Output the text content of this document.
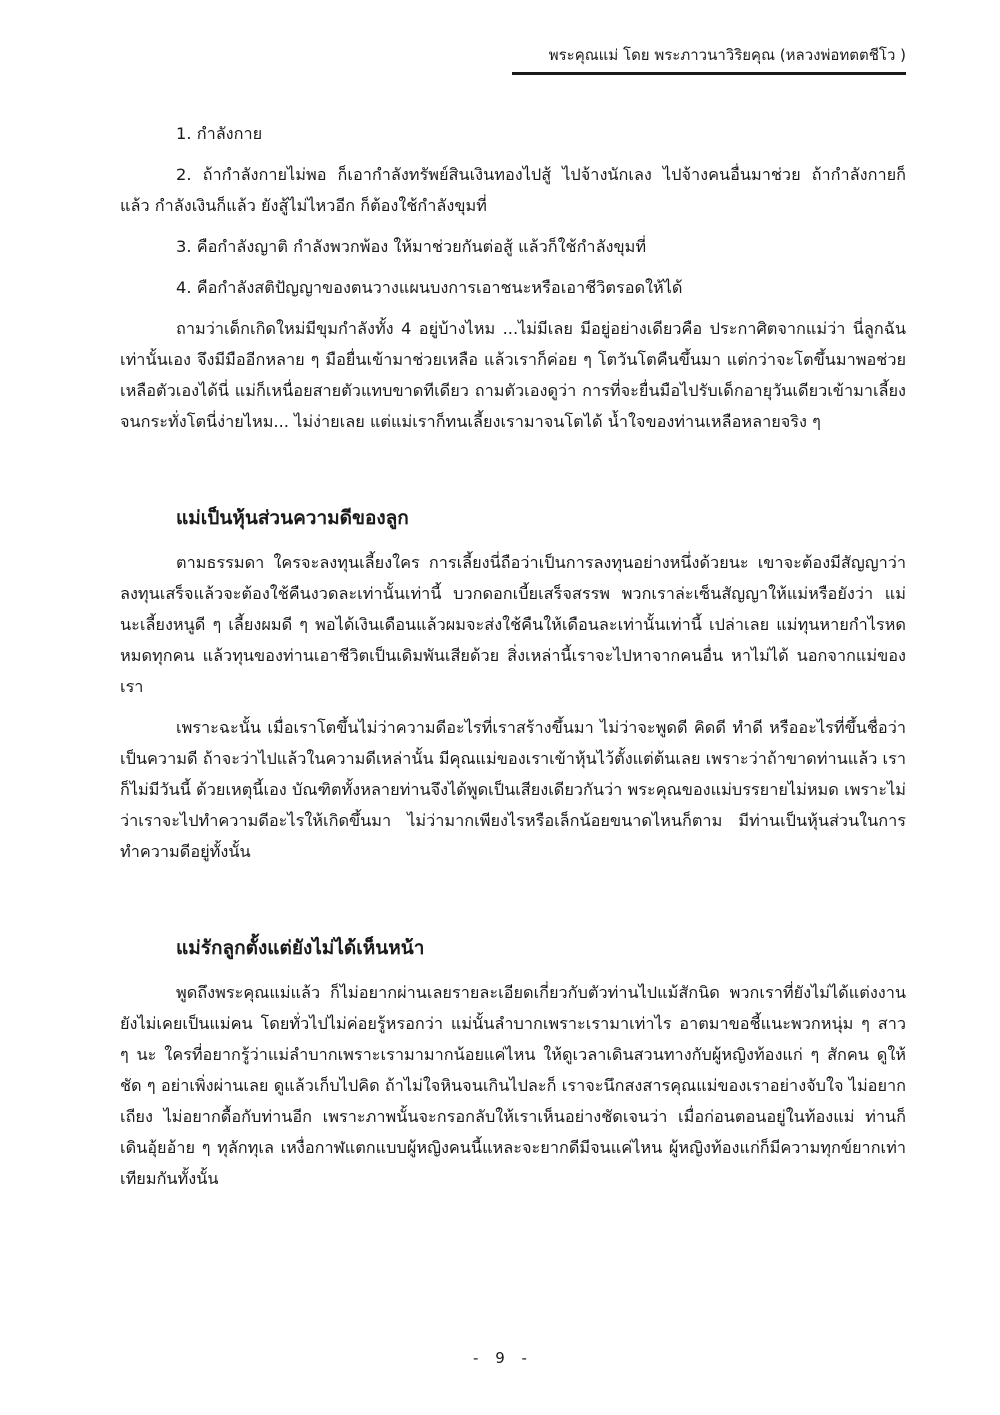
พระคุณแม่ โดย พระภาวนาวิริยคุณ (หลวงพ่อทตตชีโว )

1. กำลังกาย

2. ถ้ากำลังกายไม่พอ ก็เอากำลังทรัพย์สินเงินทองไปสู้ ไปจ้างนักเลง ไปจ้างคนอื่นมาช่วย ถ้ากำลังกายก็แล้ว กำลังเงินก็แล้ว ยังสู้ไม่ไหวอีก ก็ต้องใช้กำลังขุมที่

3. คือกำลังญาติ กำลังพวกพ้อง ให้มาช่วยกันต่อสู้ แล้วก็ใช้กำลังขุมที่

4. คือกำลังสติปัญญาของตนวางแผนบงการเอาชนะหรือเอาชีวิตรอดให้ได้

ถามว่าเด็กเกิดใหม่มีขุมกำลังทั้ง 4 อยู่บ้างไหม ...ไม่มีเลย มีอยู่อย่างเดียวคือ ประกาศิตจากแม่ว่า นี่ลูกฉัน เท่านั้นเอง จึงมีมืออีกหลาย ๆ มือยื่นเข้ามาช่วยเหลือ แล้วเราก็ค่อย ๆ โตวันโตคืนขึ้นมา แต่กว่าจะโตขึ้นมาพอช่วยเหลือตัวเองได้นี่ แม่ก็เหนื่อยสายตัวแทบขาดทีเดียว ถามตัวเองดูว่า การที่จะยื่นมือไปรับเด็กอายุวันเดียวเข้ามาเลี้ยงจนกระทั่งโตนี่ง่ายไหม... ไม่ง่ายเลย แต่แม่เราก็ทนเลี้ยงเรามาจนโตได้ น้ำใจของท่านเหลือหลายจริง ๆ

แม่เป็นหุ้นส่วนความดีของลูก

ตามธรรมดา ใครจะลงทุนเลี้ยงใคร การเลี้ยงนี่ถือว่าเป็นการลงทุนอย่างหนึ่งด้วยนะ เขาจะต้องมีสัญญาว่า ลงทุนเสร็จแล้วจะต้องใช้คืนงวดละเท่านั้นเท่านี้ บวกดอกเบี้ยเสร็จสรรพ พวกเราล่ะเซ็นสัญญาให้แม่หรือยังว่า แม่นะเลี้ยงหนูดี ๆ เลี้ยงผมดี ๆ พอได้เงินเดือนแล้วผมจะส่งใช้คืนให้เดือนละเท่านั้นเท่านี้ เปล่าเลย แม่ทุนหายกำไรหดหมดทุกคน แล้วทุนของท่านเอาชีวิตเป็นเดิมพันเสียด้วย สิ่งเหล่านี้เราจะไปหาจากคนอื่น หาไม่ได้ นอกจากแม่ของเรา

เพราะฉะนั้น เมื่อเราโตขึ้นไม่ว่าความดีอะไรที่เราสร้างขึ้นมา ไม่ว่าจะพูดดี คิดดี ทำดี หรืออะไรที่ขึ้นชื่อว่าเป็นความดี ถ้าจะว่าไปแล้วในความดีเหล่านั้น มีคุณแม่ของเราเข้าหุ้นไว้ตั้งแต่ต้นเลย เพราะว่าถ้าขาดท่านแล้ว เราก็ไม่มีวันนี้ ด้วยเหตุนี้เอง บัณฑิตทั้งหลายท่านจึงได้พูดเป็นเสียงเดียวกันว่า พระคุณของแม่บรรยายไม่หมด เพราะไม่ว่าเราจะไปทำความดีอะไรให้เกิดขึ้นมา ไม่ว่ามากเพียงไรหรือเล็กน้อยขนาดไหนก็ตาม มีท่านเป็นหุ้นส่วนในการทำความดีอยู่ทั้งนั้น

แม่รักลูกตั้งแต่ยังไม่ได้เห็นหน้า

พูดถึงพระคุณแม่แล้ว ก็ไม่อยากผ่านเลยรายละเอียดเกี่ยวกับตัวท่านไปแม้สักนิด พวกเราที่ยังไม่ได้แต่งงาน ยังไม่เคยเป็นแม่คน โดยทั่วไปไม่ค่อยรู้หรอกว่า แม่นั้นลำบากเพราะเรามาเท่าไร อาตมาขอชี้แนะพวกหนุ่ม ๆ สาว ๆ นะ ใครที่อยากรู้ว่าแม่ลำบากเพราะเรามามากน้อยแค่ไหน ให้ดูเวลาเดินสวนทางกับผู้หญิงท้องแก่ ๆ สักคน ดูให้ชัด ๆ อย่าเพิ่งผ่านเลย ดูแล้วเก็บไปคิด ถ้าไม่ใจหินจนเกินไปละก็ เราจะนึกสงสารคุณแม่ของเราอย่างจับใจ ไม่อยากเถียง ไม่อยากดื้อกับท่านอีก เพราะภาพนั้นจะกรอกลับให้เราเห็นอย่างชัดเจนว่า เมื่อก่อนตอนอยู่ในท้องแม่ ท่านก็เดินอุ้ยอ้าย ๆ ทุลักทุเล เหงื่อกาฬแตกแบบผู้หญิงคนนี้แหละจะยากดีมีจนแค่ไหน ผู้หญิงท้องแก่ก็มีความทุกข์ยากเท่าเทียมกันทั้งนั้น

- 9 -
